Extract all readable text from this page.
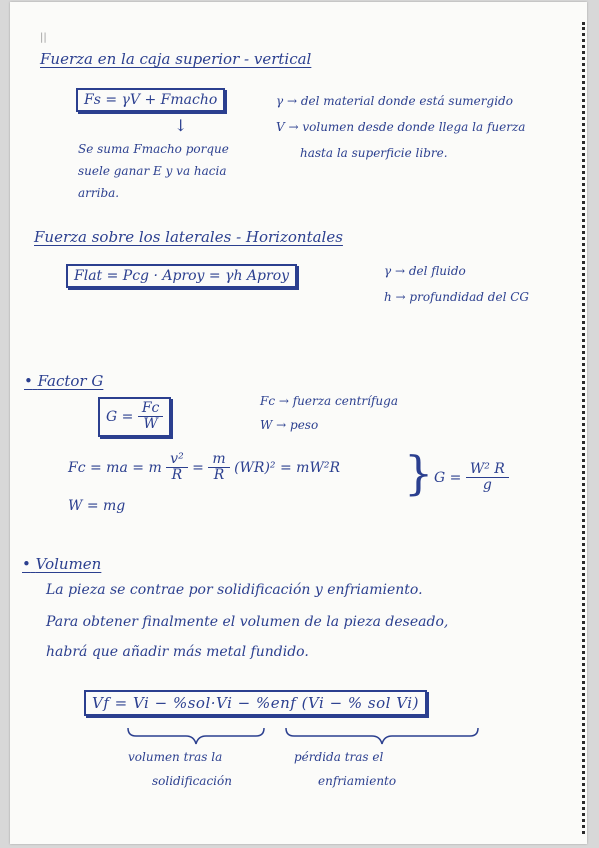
||
Fuerza en la caja superior - vertical
Fs = γV + Fmacho
↓
Se suma Fmacho porque
suele ganar E y va hacia
arriba.
γ → del material donde está sumergido
V → volumen desde donde llega la fuerza
hasta la superficie libre.
Fuerza sobre los laterales - Horizontales
Flat = Pcg · Aproy = γh Aproy	γ → del fluido
h → profundidad del CG
• Factor G
$G = \frac{Fc}{W}$	Fc → fuerza centrífuga
W → peso
Fc = ma = m $\frac{\text{v²}}{R} = \frac{m}{R} (WR)^2 = mW^2R$
W = mg
} $G = \frac{\text{W² R}}{g}$
• Volumen
La pieza se contrae por solidificación y enfriamiento.
Para obtener finalmente el volumen de la pieza deseado,
habrá que añadir más metal fundido.
Vf = Vi − %sol·Vi − %enf (Vi − % sol Vi)
volumen tras la
solidificación
pérdida tras el
enfriamiento
